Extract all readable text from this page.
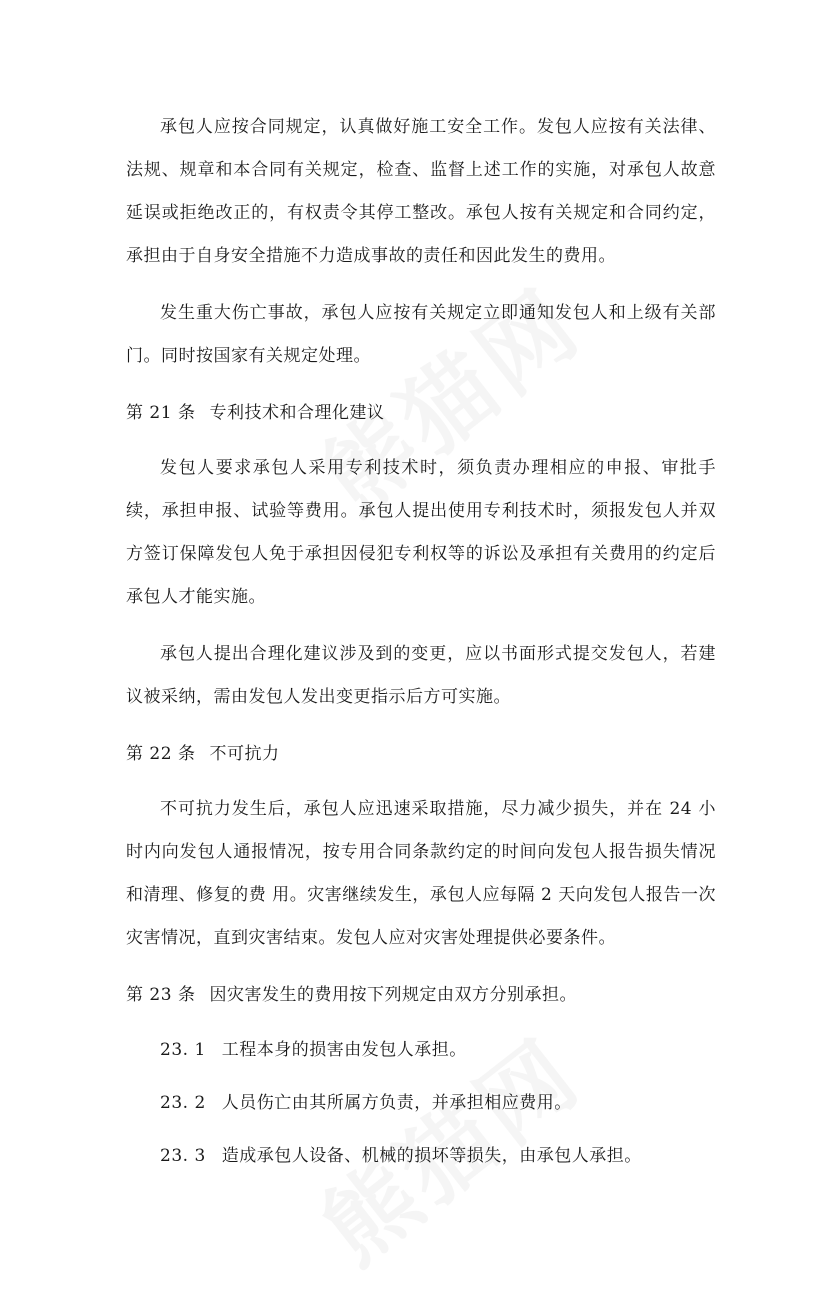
承包人应按合同规定，认真做好施工安全工作。发包人应按有关法律、法规、规章和本合同有关规定，检查、监督上述工作的实施，对承包人故意延误或拒绝改正的，有权责令其停工整改。承包人按有关规定和合同约定，承担由于自身安全措施不力造成事故的责任和因此发生的费用。

发生重大伤亡事故，承包人应按有关规定立即通知发包人和上级有关部门。同时按国家有关规定处理。

第 21 条 专利技术和合理化建议

发包人要求承包人采用专利技术时，须负责办理相应的申报、审批手续，承担申报、试验等费用。承包人提出使用专利技术时，须报发包人并双方签订保障发包人免于承担因侵犯专利权等的诉讼及承担有关费用的约定后承包人才能实施。

承包人提出合理化建议涉及到的变更，应以书面形式提交发包人，若建议被采纳，需由发包人发出变更指示后方可实施。

第 22 条 不可抗力

不可抗力发生后，承包人应迅速采取措施，尽力减少损失，并在 24 小时内向发包人通报情况，按专用合同条款约定的时间向发包人报告损失情况和清理、修复的费 用。灾害继续发生，承包人应每隔 2 天向发包人报告一次灾害情况，直到灾害结束。发包人应对灾害处理提供必要条件。

第 23 条 因灾害发生的费用按下列规定由双方分别承担。

23. 1 工程本身的损害由发包人承担。

23. 2 人员伤亡由其所属方负责，并承担相应费用。

23. 3 造成承包人设备、机械的损坏等损失，由承包人承担。
